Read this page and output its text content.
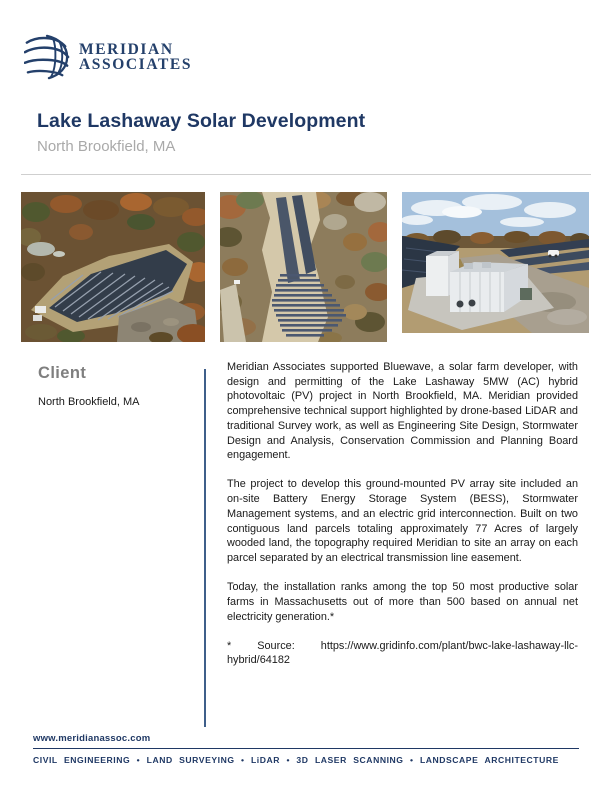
MERIDIAN
ASSOCIATES
Lake Lashaway Solar Development

North Brookfield, MA

Client

North Brookfield, MA

Meridian Associates supported Bluewave, a solar farm developer, with design and permitting of the Lake Lashaway 5MW (AC) hybrid photovoltaic (PV) project in North Brookfield, MA. Meridian provided comprehensive technical support highlighted by drone-based LiDAR and traditional Survey work, as well as Engineering Site Design, Stormwater Design and Analysis, Conservation Commission and Planning Board engagement.

The project to develop this ground-mounted PV array site included an on-site Battery Energy Storage System (BESS), Stormwater Management systems, and an electric grid interconnection. Built on two contiguous land parcels totaling approximately 77 Acres of largely wooded land, the topography required Meridian to site an array on each parcel separated by an electrical transmission line easement.

Today, the installation ranks among the top 50 most productive solar farms in Massachusetts out of more than 500 based on annual net electricity generation.*

* Source: https://www.gridinfo.com/plant/bwc-lake-lashaway-llc-hybrid/64182

www.meridianassoc.com
CIVIL ENGINEERING • LAND SURVEYING • LiDAR • 3D LASER SCANNING • LANDSCAPE ARCHITECTURE
